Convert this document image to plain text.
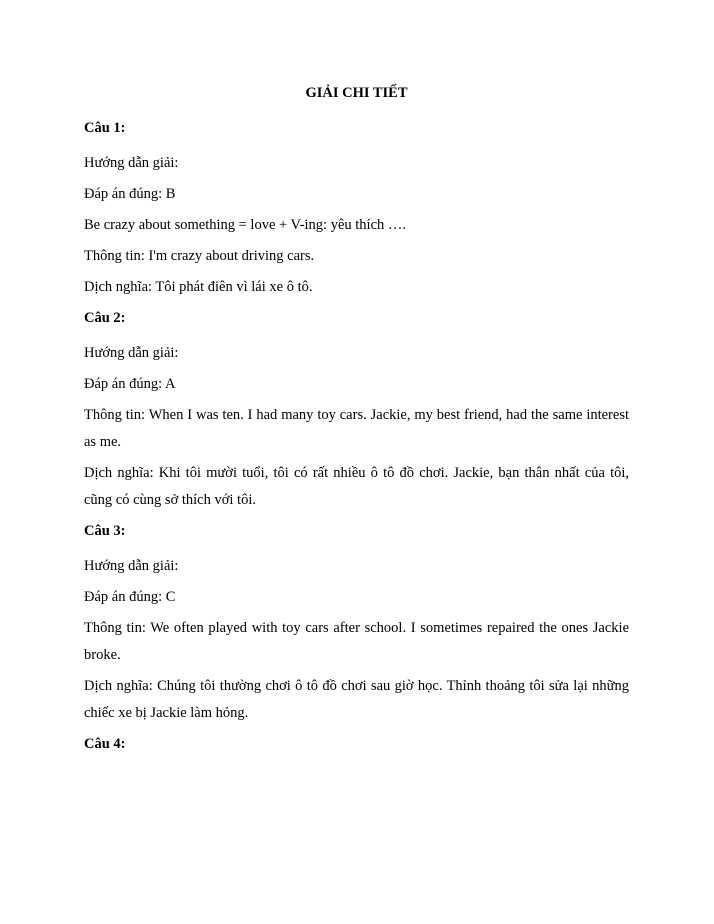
GIẢI CHI TIẾT
Câu 1:

Hướng dẫn giải:

Đáp án đúng: B

Be crazy about something = love + V-ing: yêu thích ….

Thông tin: I'm crazy about driving cars.

Dịch nghĩa: Tôi phát điên vì lái xe ô tô.

Câu 2:

Hướng dẫn giải:

Đáp án đúng: A

Thông tin: When I was ten. I had many toy cars. Jackie, my best friend, had the same interest as me.

Dịch nghĩa: Khi tôi mười tuổi, tôi có rất nhiều ô tô đồ chơi. Jackie, bạn thân nhất của tôi, cũng có cùng sở thích với tôi.

Câu 3:

Hướng dẫn giải:

Đáp án đúng: C

Thông tin: We often played with toy cars after school. I sometimes repaired the ones Jackie broke.

Dịch nghĩa: Chúng tôi thường chơi ô tô đồ chơi sau giờ học. Thỉnh thoảng tôi sửa lại những chiếc xe bị Jackie làm hỏng.

Câu 4:
